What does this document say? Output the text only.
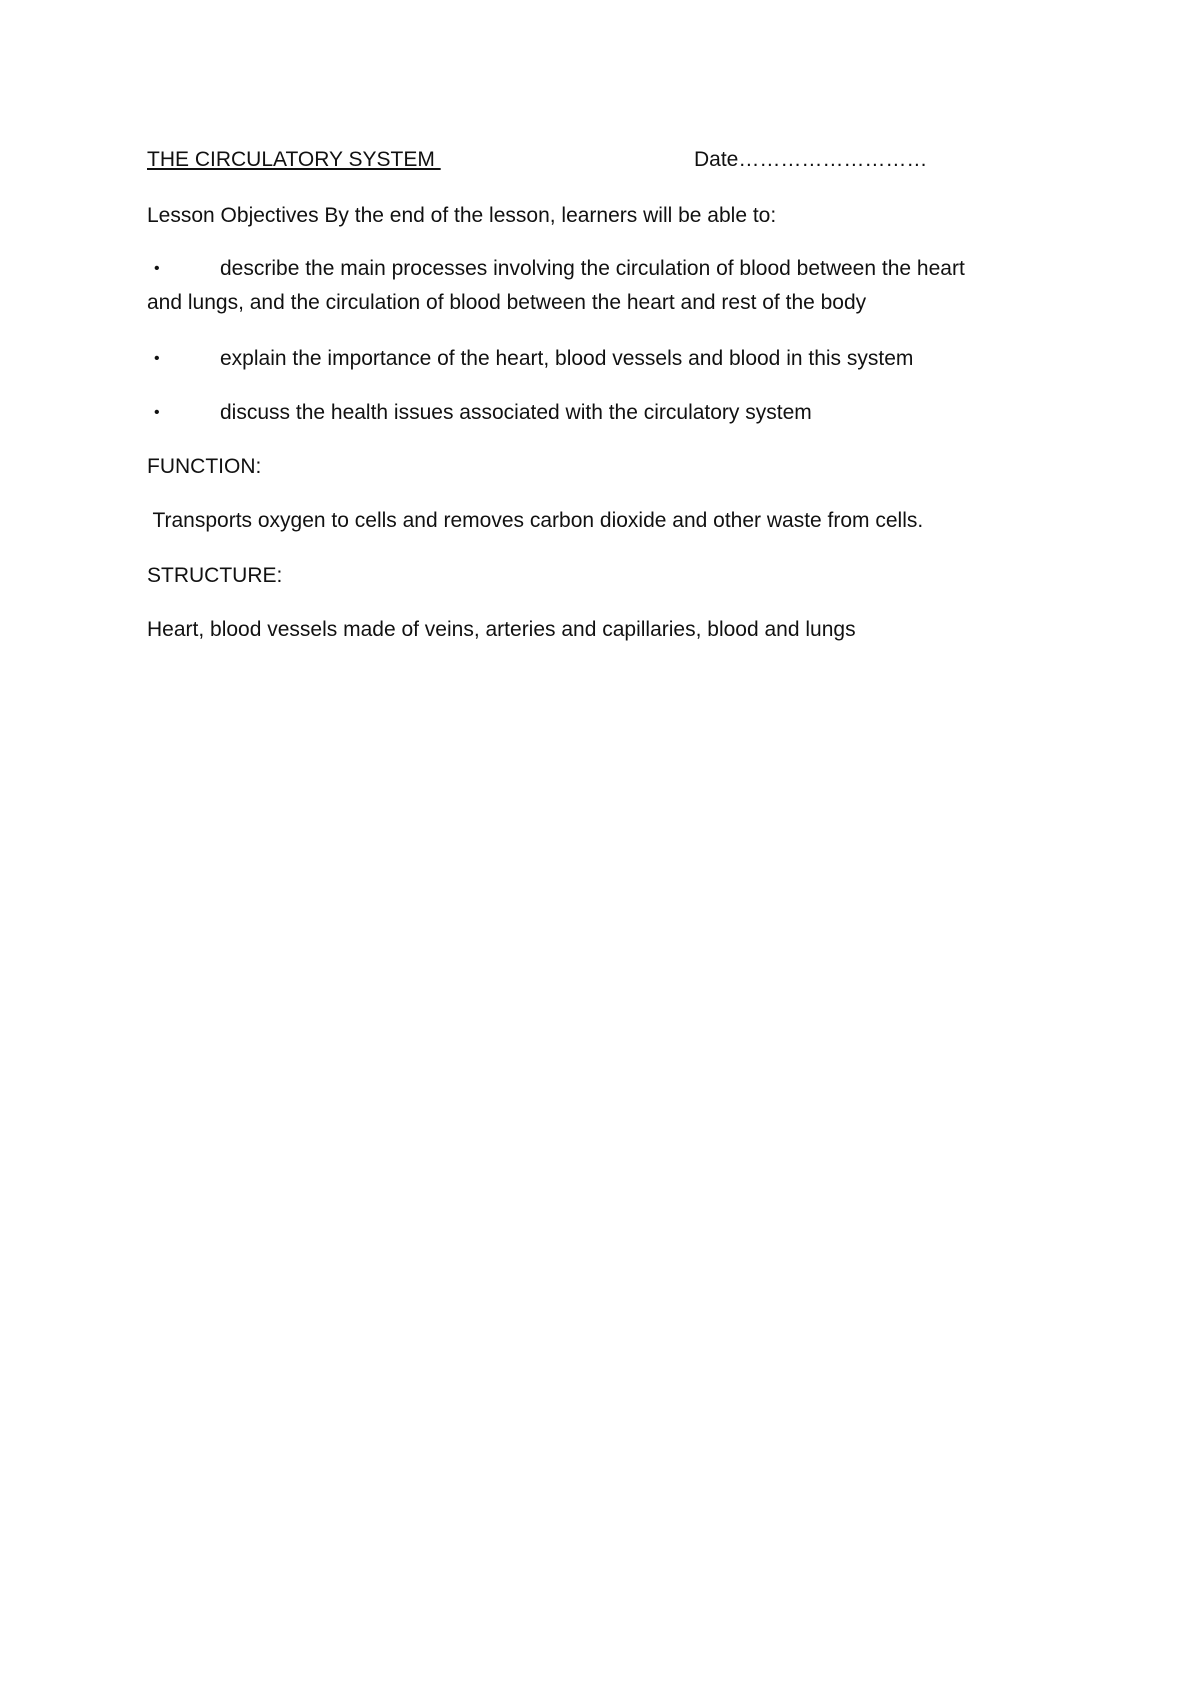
THE CIRCULATORY SYSTEM	Date………………………
Lesson Objectives By the end of the lesson, learners will be able to:
•	describe the main processes involving the circulation of blood between the heart
and lungs, and the circulation of blood between the heart and rest of the body
•	explain the importance of the heart, blood vessels and blood in this system
•	discuss the health issues associated with the circulatory system
FUNCTION:
Transports oxygen to cells and removes carbon dioxide and other waste from cells.
STRUCTURE:
Heart, blood vessels made of veins, arteries and capillaries, blood and lungs
